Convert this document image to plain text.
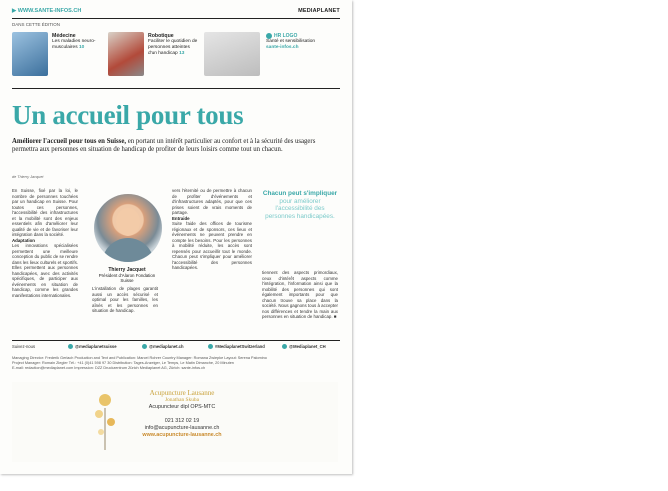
▶ WWW.SANTE-INFOS.CH	MEDIAPLANET
DANS CETTE ÉDITION
Médecine
Les maladies neuro-musculaires 10
Robotique
Faciliter le quotidien de personnes atteintes d'un handicap 13
HR LOGO
Santé et sensibilisation
sante-infos.ch
Un accueil pour tous
Améliorer l'accueil pour tous en Suisse, en portant un intérêt particulier au confort et à la sécurité des usagers permettra aux personnes en situation de handicap de profiter de leurs loisirs comme tout un chacun.
de Thierry Jacquet
En Suisse, fixé par la loi, le nombre de personnes touchées par un handicap en Suisse. Pour toutes ces personnes, l'accessibilité des infrastructures et la mobilité sont des enjeux essentiels afin d'améliorer leur qualité de vie et de favoriser leur intégration dans la société.
Adaptation
Les innovations spécialisées permettent une meilleure conception du public de se rendre dans les lieux culturels et sportifs. Elles permettent aux personnes handicapées, avec des activités spécifiques, de participer aux événements en situation de handicap, comme les grandes manifestations internationales.
Thierry Jacquet
Président d'Alaron Fondation Suisse
L'installation de plages garantit aussi un accès sécurisé et optimal pour les familles, les aînés et les personnes en situation de handicap.
vers l'éternité ou de permettre à chacun de profiter d'événements et d'infrastructures adaptés, pour que ces prises soient de vrais moments de partage.
Entraide
Suite l'aide des offices de tourisme régionaux et de sponsors, ces lieux et événements ne peuvent prendre en compte les besoins. Pour les personnes à mobilité réduite, les accès sont repensés pour accueillir tout le monde. Chacun peut s'impliquer pour améliorer l'accessibilité des personnes handicapées.
Chacun peut s'impliquer
pour améliorer l'accessibilité des personnes handicapées.
tiennent des aspects primordiaux, ceux d'intérêt aspects comme l'intégration, l'information ainsi que la mobilité des personnes qui sont également importants pour que chacun trouve sa place dans la société. Nous gagnons tous à accepter nos différences et tendre la main aux personnes en situation de handicap. ■
Suivez-nous	@mediaplanetsuisse	@mediaplanet.ch	#MediaplanetSwitzerland	@Mediaplanet_CH
Managing Director: Frederik Gerlach Production and Text and Publication: Marcel Rohrer Country Manager: Romana Zwiepke Layout: Serena Palomino
Project Manager: Romain Ziegler Tél.: +41 (0)41 598 97 30 Distribution: Tages-Anzeiger, Le Temps, Le Matin Dimanche, 20 Minuten
E-mail: redaction@mediaplanet.com Impression: DZZ Druckzentrum Zürich Mediaplanet AG, Zürich: sante-infos.ch
Acupuncture Lausanne
Jonathan Skuba
Acupuncteur dipl OPS-MTC

021 312 02 19
info@acupuncture-lausanne.ch
www.acupuncture-lausanne.ch
